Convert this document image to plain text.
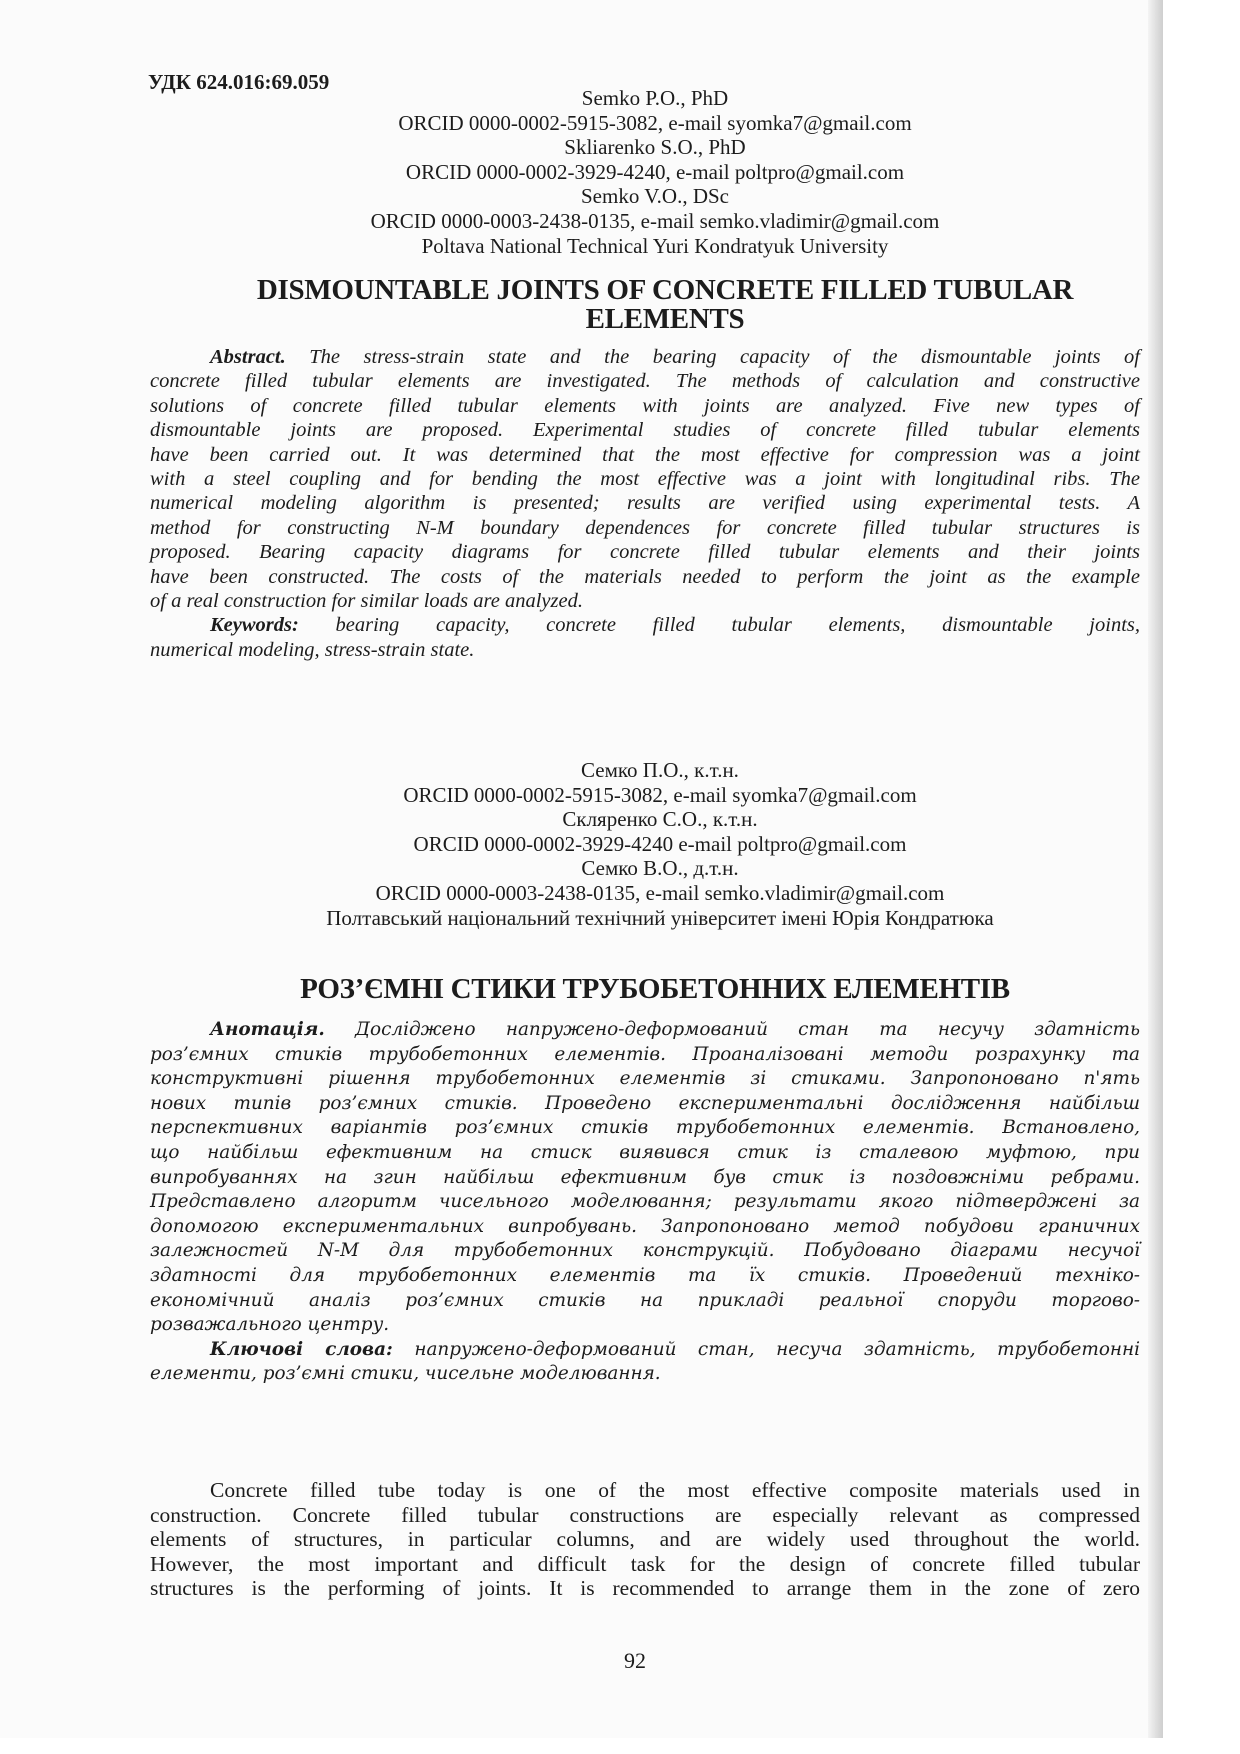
УДК 624.016:69.059
Semko P.O., PhD
ORCID 0000-0002-5915-3082, e-mail syomka7@gmail.com
Skliarenko S.O., PhD
ORCID 0000-0002-3929-4240, e-mail poltpro@gmail.com
Semko V.O., DSc
ORCID 0000-0003-2438-0135, e-mail semko.vladimir@gmail.com
Poltava National Technical Yuri Kondratyuk University
DISMOUNTABLE JOINTS OF CONCRETE FILLED TUBULAR
ELEMENTS
Abstract. The stress-strain state and the bearing capacity of the dismountable joints of
concrete filled tubular elements are investigated. The methods of calculation and constructive
solutions of concrete filled tubular elements with joints are analyzed. Five new types of
dismountable joints are proposed. Experimental studies of concrete filled tubular elements
have been carried out. It was determined that the most effective for compression was a joint
with a steel coupling and for bending the most effective was a joint with longitudinal ribs. The
numerical modeling algorithm is presented; results are verified using experimental tests. A
method for constructing N-M boundary dependences for concrete filled tubular structures is
proposed. Bearing capacity diagrams for concrete filled tubular elements and their joints
have been constructed. The costs of the materials needed to perform the joint as the example
of a real construction for similar loads are analyzed.
Keywords: bearing capacity, concrete filled tubular elements, dismountable joints,
numerical modeling, stress-strain state.
Семко П.О., к.т.н.
ORCID 0000-0002-5915-3082, e-mail syomka7@gmail.com
Скляренко С.О., к.т.н.
ORCID 0000-0002-3929-4240 e-mail poltpro@gmail.com
Семко В.О., д.т.н.
ORCID 0000-0003-2438-0135, e-mail semko.vladimir@gmail.com
Полтавський національний технічний університет імені Юрія Кондратюка
РОЗ’ЄМНІ СТИКИ ТРУБОБЕТОННИХ ЕЛЕМЕНТІВ
Анотація. Досліджено напружено-деформований стан та несучу здатність
роз’ємних стиків трубобетонних елементів. Проаналізовані методи розрахунку та
конструктивні рішення трубобетонних елементів зі стиками. Запропоновано п'ять
нових типів роз’ємних стиків. Проведено експериментальні дослідження найбільш
перспективних варіантів роз’ємних стиків трубобетонних елементів. Встановлено,
що найбільш ефективним на стиск виявився стик із сталевою муфтою, при
випробуваннях на згин найбільш ефективним був стик із поздовжніми ребрами.
Представлено алгоритм чисельного моделювання; результати якого підтверджені за
допомогою експериментальних випробувань. Запропоновано метод побудови граничних
залежностей N-M для трубобетонних конструкцій. Побудовано діаграми несучої
здатності для трубобетонних елементів та їх стиків. Проведений техніко-
економічний аналіз роз’ємних стиків на прикладі реальної споруди торгово-
розважального центру.
Ключові слова: напружено-деформований стан, несуча здатність, трубобетонні
елементи, роз’ємні стики, чисельне моделювання.
Concrete filled tube today is one of the most effective composite materials used in
construction. Concrete filled tubular constructions are especially relevant as compressed
elements of structures, in particular columns, and are widely used throughout the world.
However, the most important and difficult task for the design of concrete filled tubular
structures is the performing of joints. It is recommended to arrange them in the zone of zero
92
